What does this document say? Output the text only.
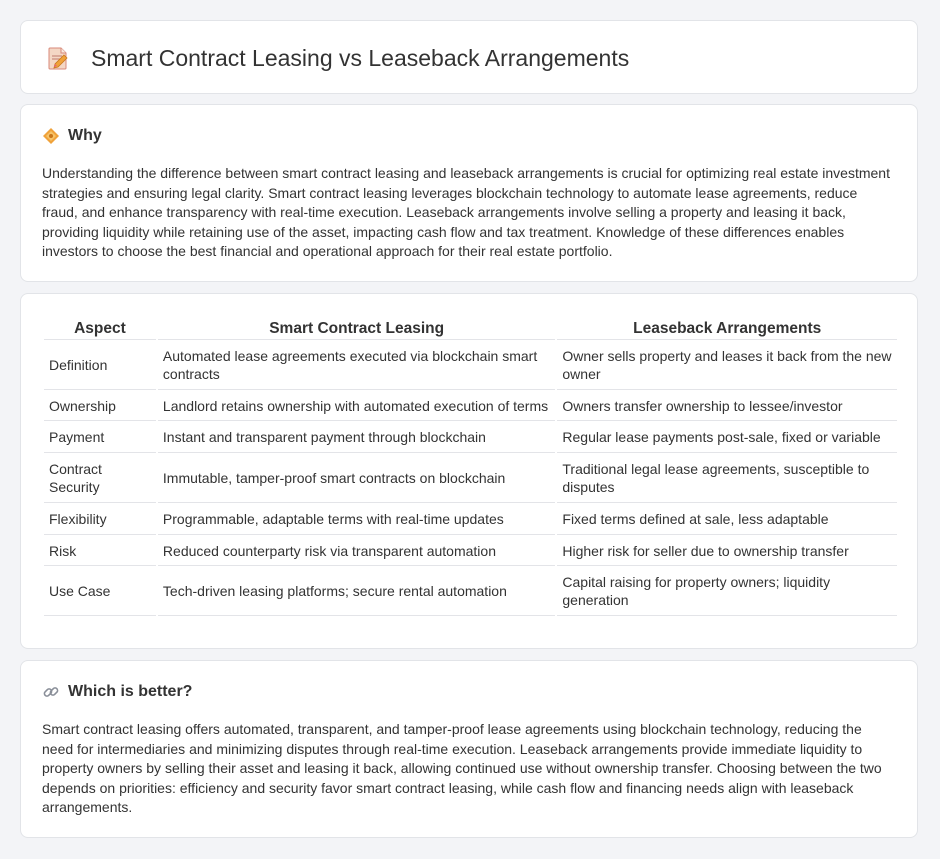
Smart Contract Leasing vs Leaseback Arrangements
Why

Understanding the difference between smart contract leasing and leaseback arrangements is crucial for optimizing real estate investment strategies and ensuring legal clarity. Smart contract leasing leverages blockchain technology to automate lease agreements, reduce fraud, and enhance transparency with real-time execution. Leaseback arrangements involve selling a property and leasing it back, providing liquidity while retaining use of the asset, impacting cash flow and tax treatment. Knowledge of these differences enables investors to choose the best financial and operational approach for their real estate portfolio.

Aspect	Smart Contract Leasing	Leaseback Arrangements
Definition	Automated lease agreements executed via blockchain smart contracts	Owner sells property and leases it back from the new owner
Ownership	Landlord retains ownership with automated execution of terms	Owners transfer ownership to lessee/investor
Payment	Instant and transparent payment through blockchain	Regular lease payments post-sale, fixed or variable
Contract Security	Immutable, tamper-proof smart contracts on blockchain	Traditional legal lease agreements, susceptible to disputes
Flexibility	Programmable, adaptable terms with real-time updates	Fixed terms defined at sale, less adaptable
Risk	Reduced counterparty risk via transparent automation	Higher risk for seller due to ownership transfer
Use Case	Tech-driven leasing platforms; secure rental automation	Capital raising for property owners; liquidity generation
Which is better?

Smart contract leasing offers automated, transparent, and tamper-proof lease agreements using blockchain technology, reducing the need for intermediaries and minimizing disputes through real-time execution. Leaseback arrangements provide immediate liquidity to property owners by selling their asset and leasing it back, allowing continued use without ownership transfer. Choosing between the two depends on priorities: efficiency and security favor smart contract leasing, while cash flow and financing needs align with leaseback arrangements.
